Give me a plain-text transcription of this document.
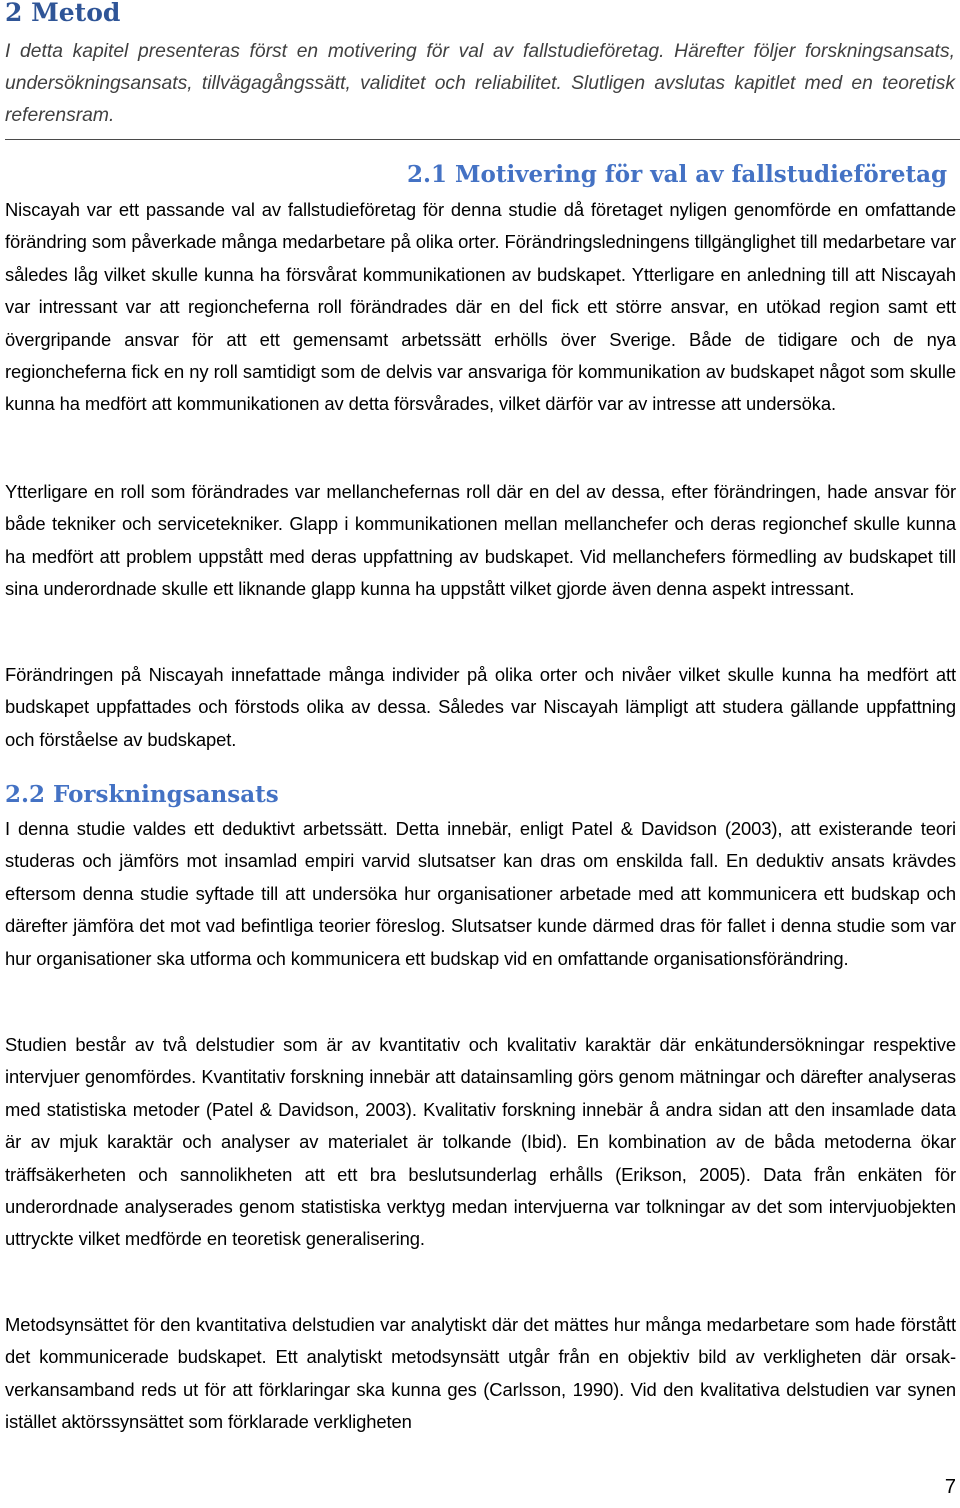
2 Metod

I detta kapitel presenteras först en motivering för val av fallstudieföretag. Härefter följer forskningsansats, undersökningsansats, tillvägagångssätt, validitet och reliabilitet. Slutligen avslutas kapitlet med en teoretisk referensram.

2.1 Motivering för val av fallstudieföretag

Niscayah var ett passande val av fallstudieföretag för denna studie då företaget nyligen genomförde en omfattande förändring som påverkade många medarbetare på olika orter. Förändringsledningens tillgänglighet till medarbetare var således låg vilket skulle kunna ha försvårat kommunikationen av budskapet. Ytterligare en anledning till att Niscayah var intressant var att regioncheferna roll förändrades där en del fick ett större ansvar, en utökad region samt ett övergripande ansvar för att ett gemensamt arbetssätt erhölls över Sverige. Både de tidigare och de nya regioncheferna fick en ny roll samtidigt som de delvis var ansvariga för kommunikation av budskapet något som skulle kunna ha medfört att kommunikationen av detta försvårades, vilket därför var av intresse att undersöka.

Ytterligare en roll som förändrades var mellanchefernas roll där en del av dessa, efter förändringen, hade ansvar för både tekniker och servicetekniker. Glapp i kommunikationen mellan mellanchefer och deras regionchef skulle kunna ha medfört att problem uppstått med deras uppfattning av budskapet. Vid mellanchefers förmedling av budskapet till sina underordnade skulle ett liknande glapp kunna ha uppstått vilket gjorde även denna aspekt intressant.

Förändringen på Niscayah innefattade många individer på olika orter och nivåer vilket skulle kunna ha medfört att budskapet uppfattades och förstods olika av dessa. Således var Niscayah lämpligt att studera gällande uppfattning och förståelse av budskapet.

2.2 Forskningsansats

I denna studie valdes ett deduktivt arbetssätt. Detta innebär, enligt Patel & Davidson (2003), att existerande teori studeras och jämförs mot insamlad empiri varvid slutsatser kan dras om enskilda fall. En deduktiv ansats krävdes eftersom denna studie syftade till att undersöka hur organisationer arbetade med att kommunicera ett budskap och därefter jämföra det mot vad befintliga teorier föreslog. Slutsatser kunde därmed dras för fallet i denna studie som var hur organisationer ska utforma och kommunicera ett budskap vid en omfattande organisationsförändring.

Studien består av två delstudier som är av kvantitativ och kvalitativ karaktär där enkätundersökningar respektive intervjuer genomfördes. Kvantitativ forskning innebär att datainsamling görs genom mätningar och därefter analyseras med statistiska metoder (Patel & Davidson, 2003). Kvalitativ forskning innebär å andra sidan att den insamlade data är av mjuk karaktär och analyser av materialet är tolkande (Ibid). En kombination av de båda metoderna ökar träffsäkerheten och sannolikheten att ett bra beslutsunderlag erhålls (Erikson, 2005). Data från enkäten för underordnade analyserades genom statistiska verktyg medan intervjuerna var tolkningar av det som intervjuobjekten uttryckte vilket medförde en teoretisk generalisering.

Metodsynsättet för den kvantitativa delstudien var analytiskt där det mättes hur många medarbetare som hade förstått det kommunicerade budskapet. Ett analytiskt metodsynsätt utgår från en objektiv bild av verkligheten där orsak-verkansamband reds ut för att förklaringar ska kunna ges (Carlsson, 1990). Vid den kvalitativa delstudien var synen istället aktörssynsättet som förklarade verkligheten

7
